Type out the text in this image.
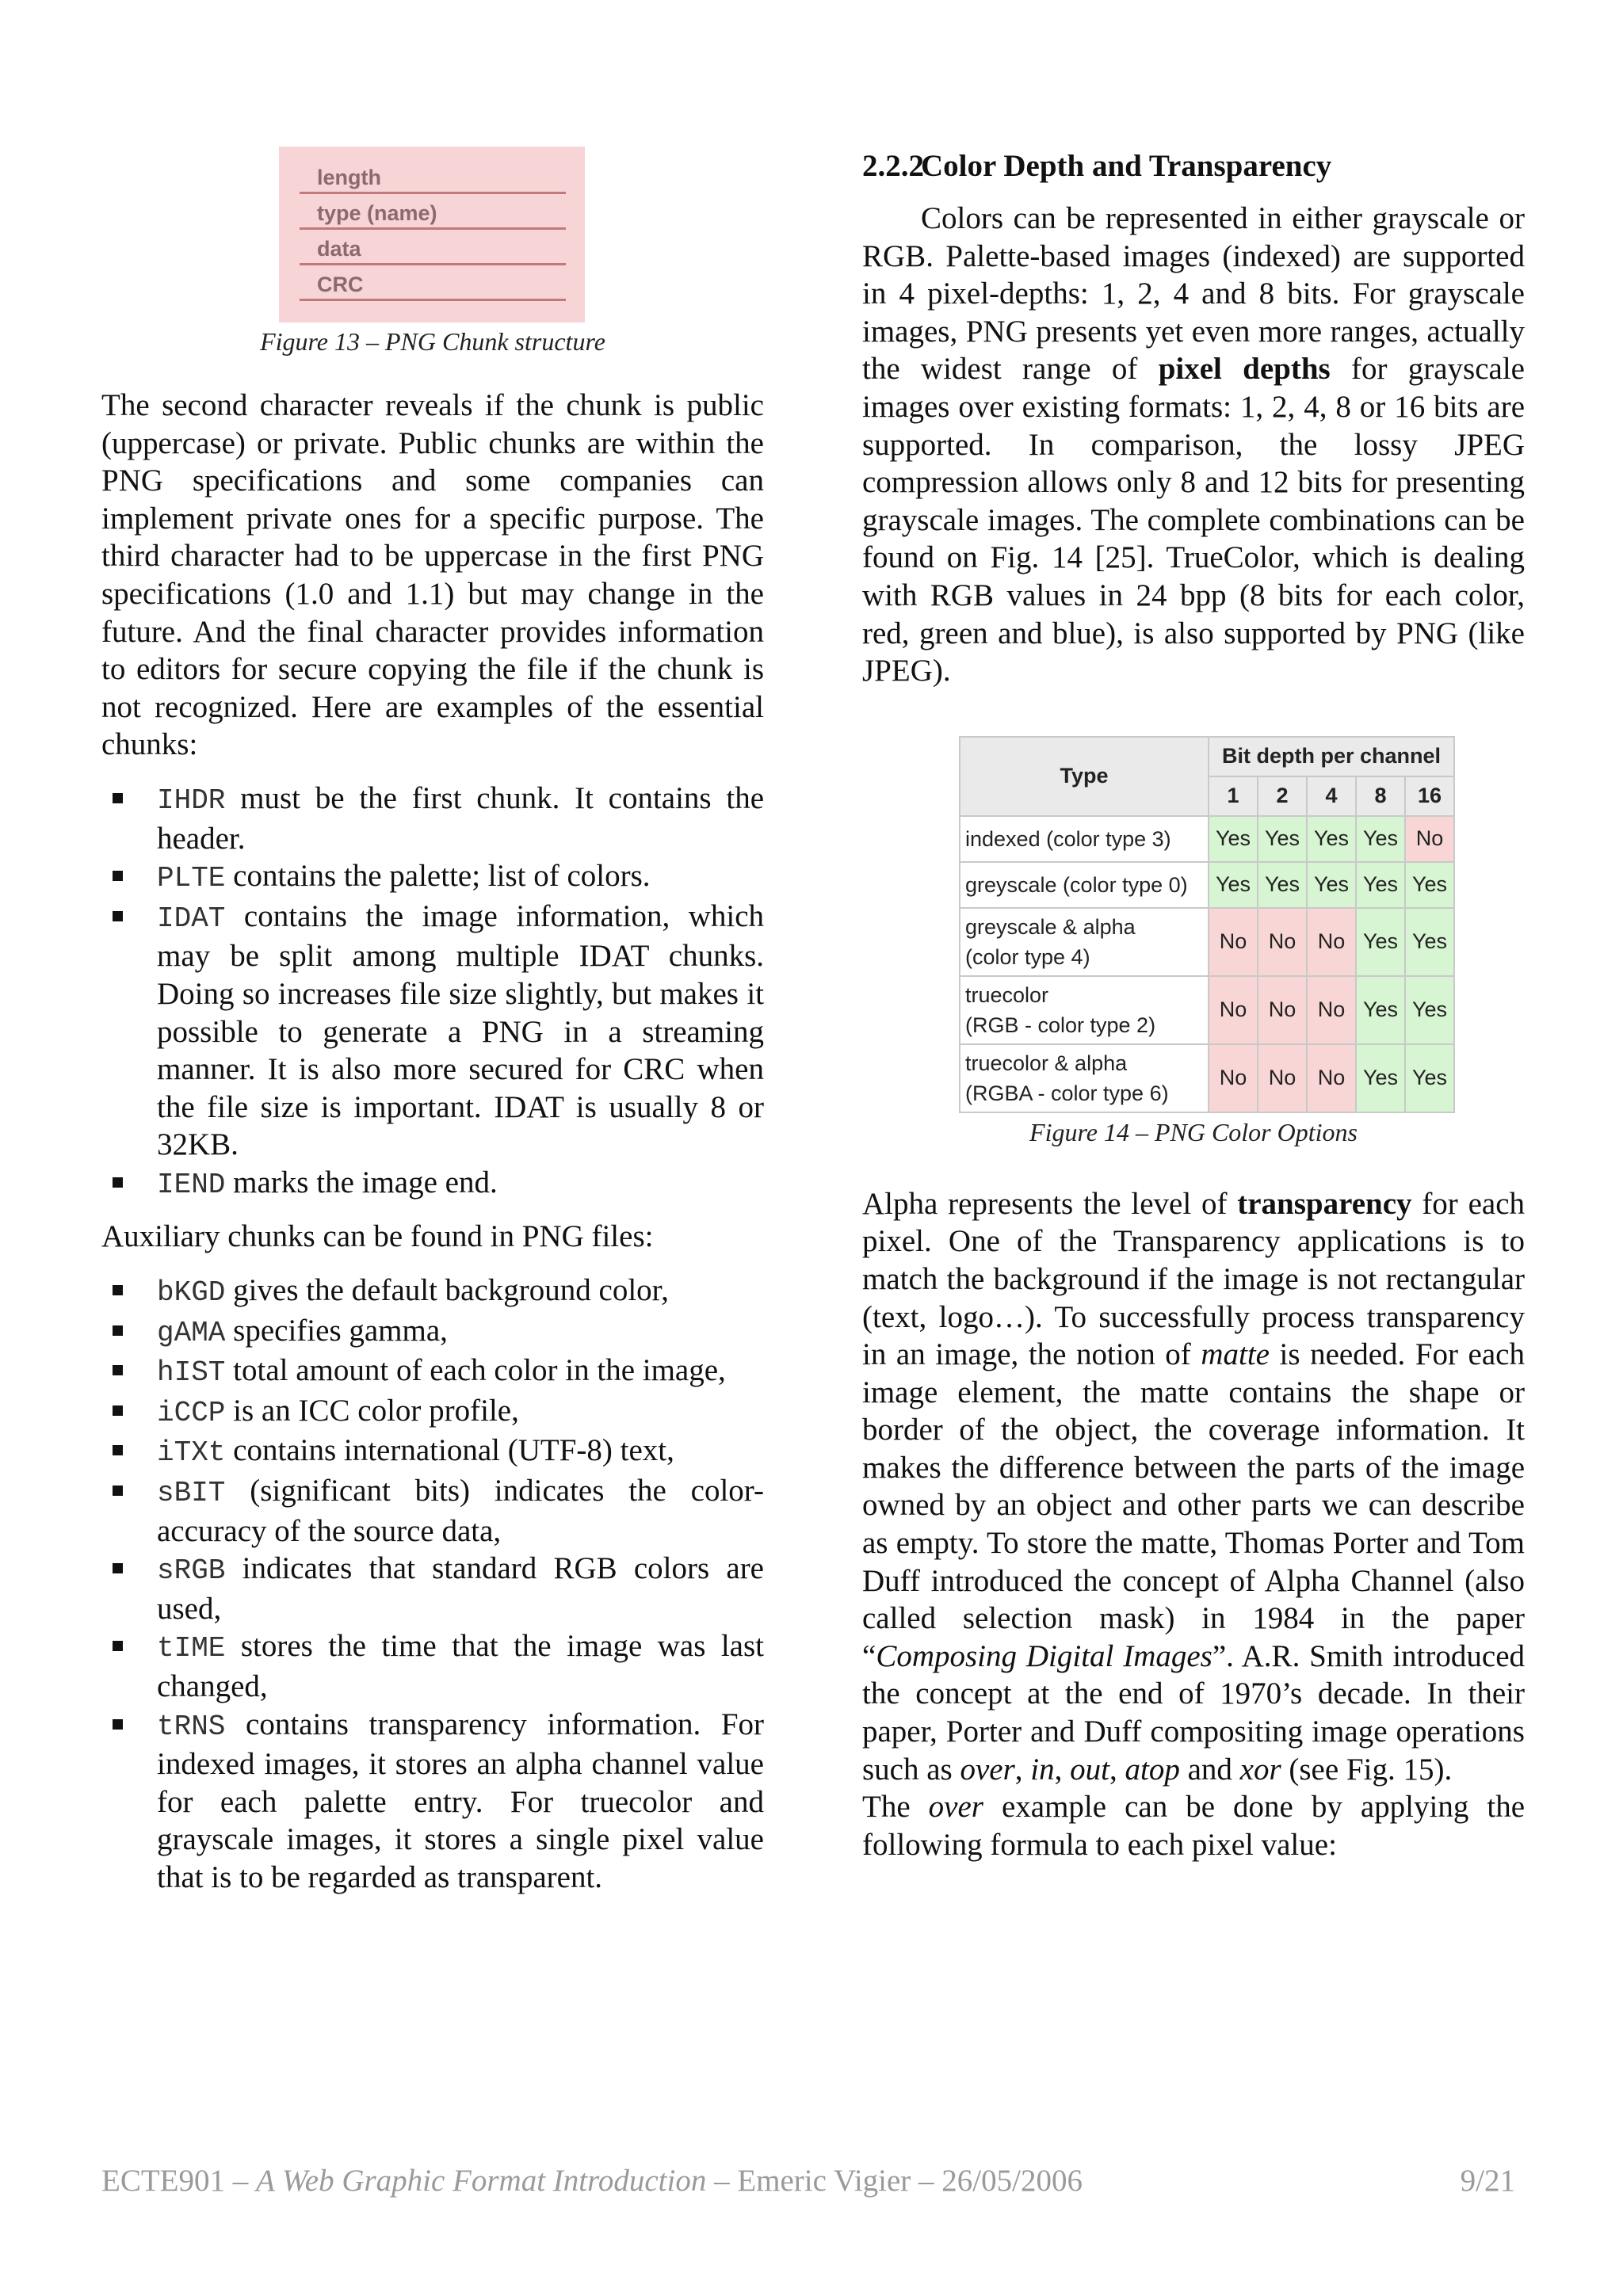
length
type (name)
data
CRC

Figure 13 – PNG Chunk structure

The second character reveals if the chunk is public (uppercase) or private. Public chunks are within the PNG specifications and some companies can implement private ones for a specific purpose. The third character had to be uppercase in the first PNG specifications (1.0 and 1.1) but may change in the future. And the final character provides information to editors for secure copying the file if the chunk is not recognized. Here are examples of the essential chunks:

IHDR must be the first chunk. It contains the header.
PLTE contains the palette; list of colors.
IDAT contains the image information, which may be split among multiple IDAT chunks. Doing so increases file size slightly, but makes it possible to generate a PNG in a streaming manner. It is also more secured for CRC when the file size is important. IDAT is usually 8 or 32KB.
IEND marks the image end.

Auxiliary chunks can be found in PNG files:

bKGD gives the default background color,
gAMA specifies gamma,
hIST total amount of each color in the image,
iCCP is an ICC color profile,
iTXt contains international (UTF-8) text,
sBIT (significant bits) indicates the color-accuracy of the source data,
sRGB indicates that standard RGB colors are used,
tIME stores the time that the image was last changed,
tRNS contains transparency information. For indexed images, it stores an alpha channel value for each palette entry. For truecolor and grayscale images, it stores a single pixel value that is to be regarded as transparent.
2.2.2Color Depth and Transparency

Colors can be represented in either grayscale or RGB. Palette-based images (indexed) are supported in 4 pixel-depths: 1, 2, 4 and 8 bits. For grayscale images, PNG presents yet even more ranges, actually the widest range of pixel depths for grayscale images over existing formats: 1, 2, 4, 8 or 16 bits are supported. In comparison, the lossy JPEG compression allows only 8 and 12 bits for presenting grayscale images. The complete combinations can be found on Fig. 14 [25]. TrueColor, which is dealing with RGB values in 24 bpp (8 bits for each color, red, green and blue), is also supported by PNG (like JPEG).

Type	Bit depth per channel				
	1	2	4	8	16

indexed (color type 3)	Yes	Yes	Yes	Yes	No

greyscale (color type 0)	Yes	Yes	Yes	Yes	Yes

greyscale & alpha
(color type 4)	No	No	No	Yes	Yes

truecolor
(RGB - color type 2)	No	No	No	Yes	Yes

truecolor & alpha
(RGBA - color type 6)	No	No	No	Yes	Yes

Figure 14 – PNG Color Options

Alpha represents the level of transparency for each pixel. One of the Transparency applications is to match the background if the image is not rectangular (text, logo…). To successfully process transparency in an image, the notion of matte is needed. For each image element, the matte contains the shape or border of the object, the coverage information. It makes the difference between the parts of the image owned by an object and other parts we can describe as empty. To store the matte, Thomas Porter and Tom Duff introduced the concept of Alpha Channel (also called selection mask) in 1984 in the paper “Composing Digital Images”. A.R. Smith introduced the concept at the end of 1970’s decade. In their paper, Porter and Duff compositing image operations such as over, in, out, atop and xor (see Fig. 15).

The over example can be done by applying the following formula to each pixel value:

ECTE901 – A Web Graphic Format Introduction – Emeric Vigier – 26/05/2006	9/21
